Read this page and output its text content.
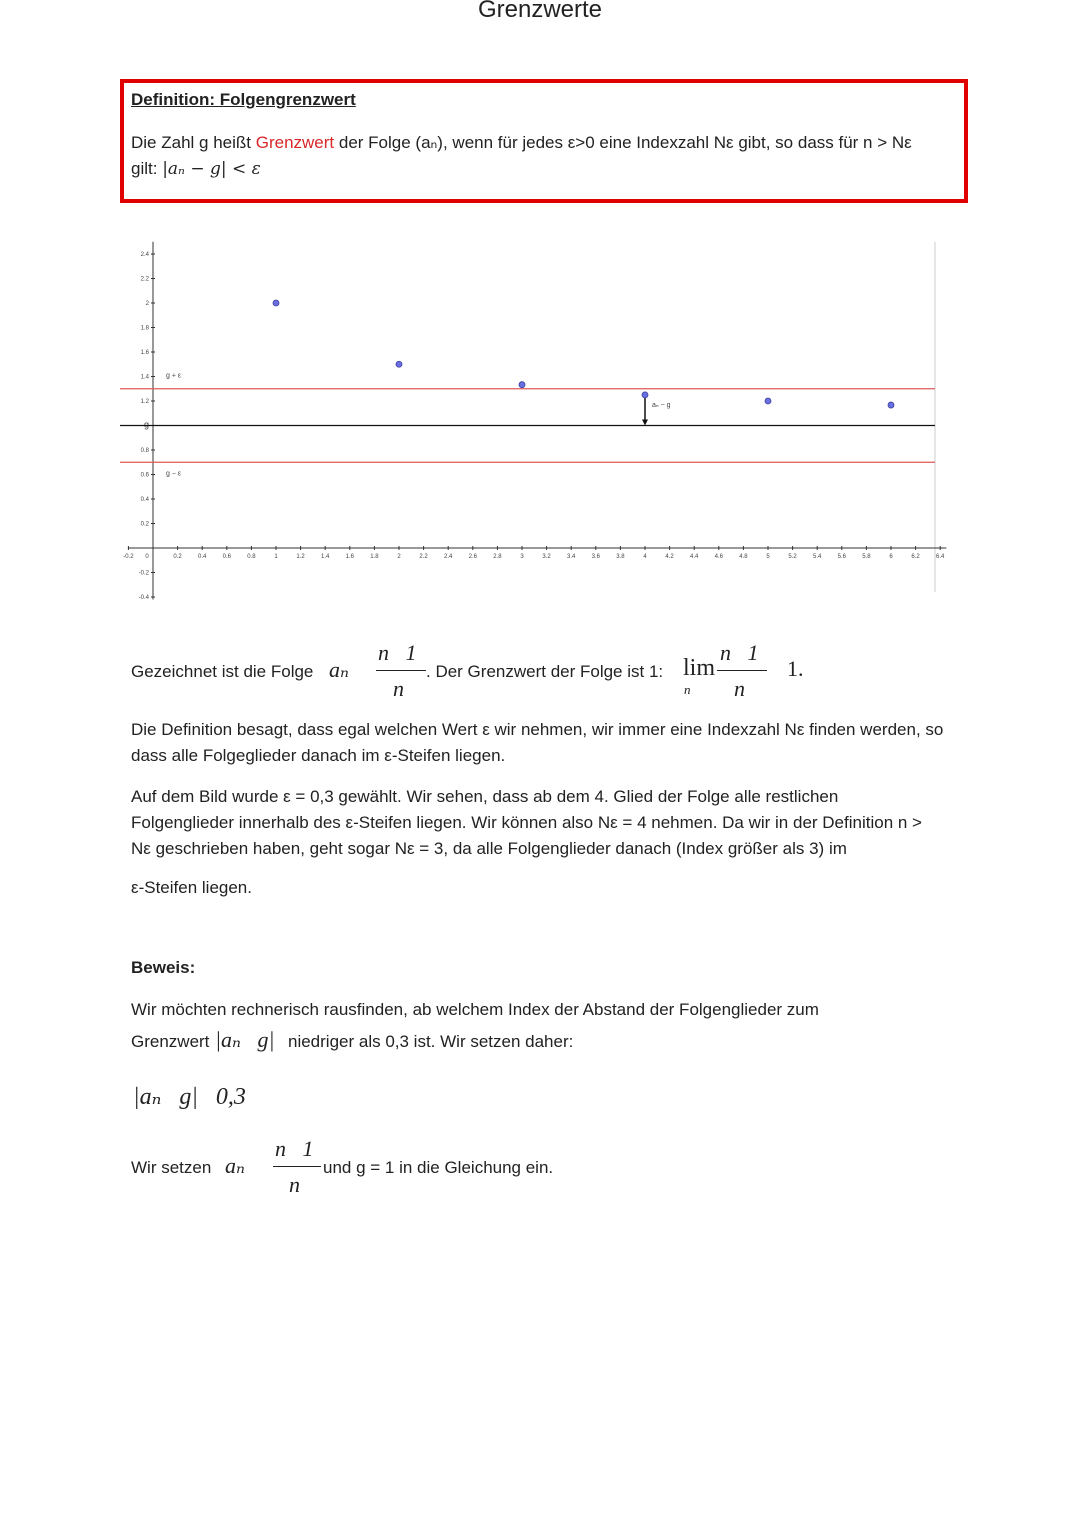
Grenzwerte
Definition: Folgengrenzwert
Die Zahl g heißt Grenzwert der Folge (aₙ), wenn für jedes ε>0 eine Indexzahl Nε gibt, so dass für n > Nε
gilt: |aₙ − g| < ε
-0.2 0	0.2	0.4	0.6	0.8	1	1.2	1.4	1.6	1.8	2	2.2	2.4	2.6	2.8	3	3.2	3.4	3.6	3.8	4	4.2	4.4	4.6	4.8	5	5.2	5.4	5.6	5.8	6	6.2	6.4
2.4
2.2
2
1.8
1.6
1.4
1.2
g
0.8
0.6
0.4
0.2
-0.2
-0.4
g + ε
g − ε
aₙ − g
Gezeichnet ist die Folge aₙ
n   1
n
. Der Grenzwert der Folge ist 1: lim
n
n   1
n
1.
Die Definition besagt, dass egal welchen Wert ε wir nehmen, wir immer eine Indexzahl Nε finden werden, so dass alle Folgeglieder danach im ε-Steifen liegen.
Auf dem Bild wurde ε = 0,3 gewählt. Wir sehen, dass ab dem 4. Glied der Folge alle restlichen Folgenglieder innerhalb des ε-Steifen liegen. Wir können also Nε = 4 nehmen. Da wir in der Definition n > Nε geschrieben haben, geht sogar Nε = 3, da alle Folgenglieder danach (Index größer als 3) im
ε-Steifen liegen.
Beweis:
Wir möchten rechnerisch rausfinden, ab welchem Index der Abstand der Folgenglieder zum
Grenzwert |aₙ   g| niedriger als 0,3 ist. Wir setzen daher:
|aₙ   g|   0,3
Wir setzen aₙ
n   1
n
und g = 1 in die Gleichung ein.
